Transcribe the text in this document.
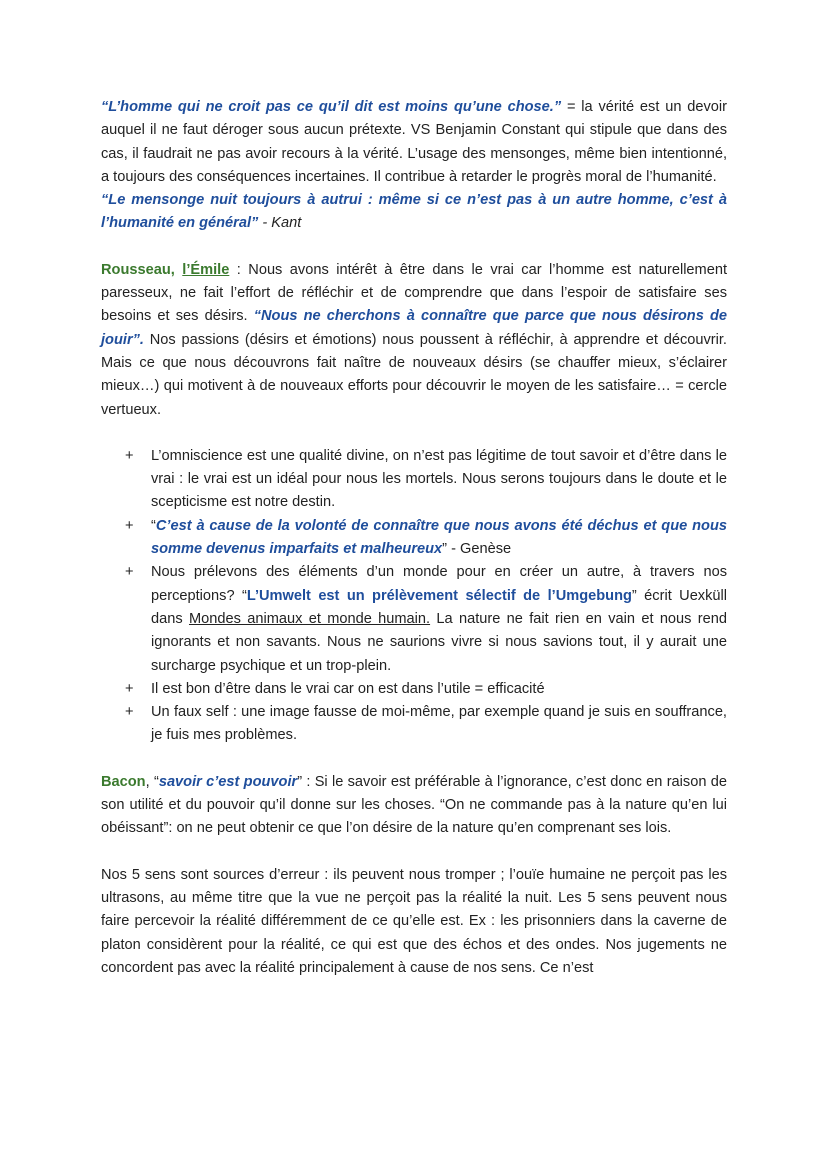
“L’homme qui ne croit pas ce qu’il dit est moins qu’une chose.” = la vérité est un devoir auquel il ne faut déroger sous aucun prétexte. VS Benjamin Constant qui stipule que dans des cas, il faudrait ne pas avoir recours à la vérité. L’usage des mensonges, même bien intentionné, a toujours des conséquences incertaines. Il contribue à retarder le progrès moral de l’humanité.

“Le mensonge nuit toujours à autrui : même si ce n’est pas à un autre homme, c’est à l’humanité en général” - Kant

Rousseau, l’Émile : Nous avons intérêt à être dans le vrai car l’homme est naturellement paresseux, ne fait l’effort de réfléchir et de comprendre que dans l’espoir de satisfaire ses besoins et ses désirs. “Nous ne cherchons à connaître que parce que nous désirons de jouir”. Nos passions (désirs et émotions) nous poussent à réfléchir, à apprendre et découvrir. Mais ce que nous découvrons fait naître de nouveaux désirs (se chauffer mieux, s’éclairer mieux…) qui motivent à de nouveaux efforts pour découvrir le moyen de les satisfaire… = cercle vertueux.

+ L’omniscience est une qualité divine, on n’est pas légitime de tout savoir et d’être dans le vrai : le vrai est un idéal pour nous les mortels. Nous serons toujours dans le doute et le scepticisme est notre destin.
+ “C’est à cause de la volonté de connaître que nous avons été déchus et que nous somme devenus imparfaits et malheureux” - Genèse
+ Nous prélevons des éléments d’un monde pour en créer un autre, à travers nos perceptions? “L’Umwelt est un prélèvement sélectif de l’Umgebung” écrit Uexküll dans Mondes animaux et monde humain. La nature ne fait rien en vain et nous rend ignorants et non savants. Nous ne saurions vivre si nous savions tout, il y aurait une surcharge psychique et un trop-plein.
+ Il est bon d’être dans le vrai car on est dans l’utile = efficacité
+ Un faux self : une image fausse de moi-même, par exemple quand je suis en souffrance, je fuis mes problèmes.

Bacon, “savoir c’est pouvoir” : Si le savoir est préférable à l’ignorance, c’est donc en raison de son utilité et du pouvoir qu’il donne sur les choses. “On ne commande pas à la nature qu’en lui obéissant”: on ne peut obtenir ce que l’on désire de la nature qu’en comprenant ses lois.

Nos 5 sens sont sources d’erreur : ils peuvent nous tromper ; l’ouïe humaine ne perçoit pas les ultrasons, au même titre que la vue ne perçoit pas la réalité la nuit. Les 5 sens peuvent nous faire percevoir la réalité différemment de ce qu’elle est. Ex : les prisonniers dans la caverne de platon considèrent pour la réalité, ce qui est que des échos et des ondes. Nos jugements ne concordent pas avec la réalité principalement à cause de nos sens. Ce n’est
